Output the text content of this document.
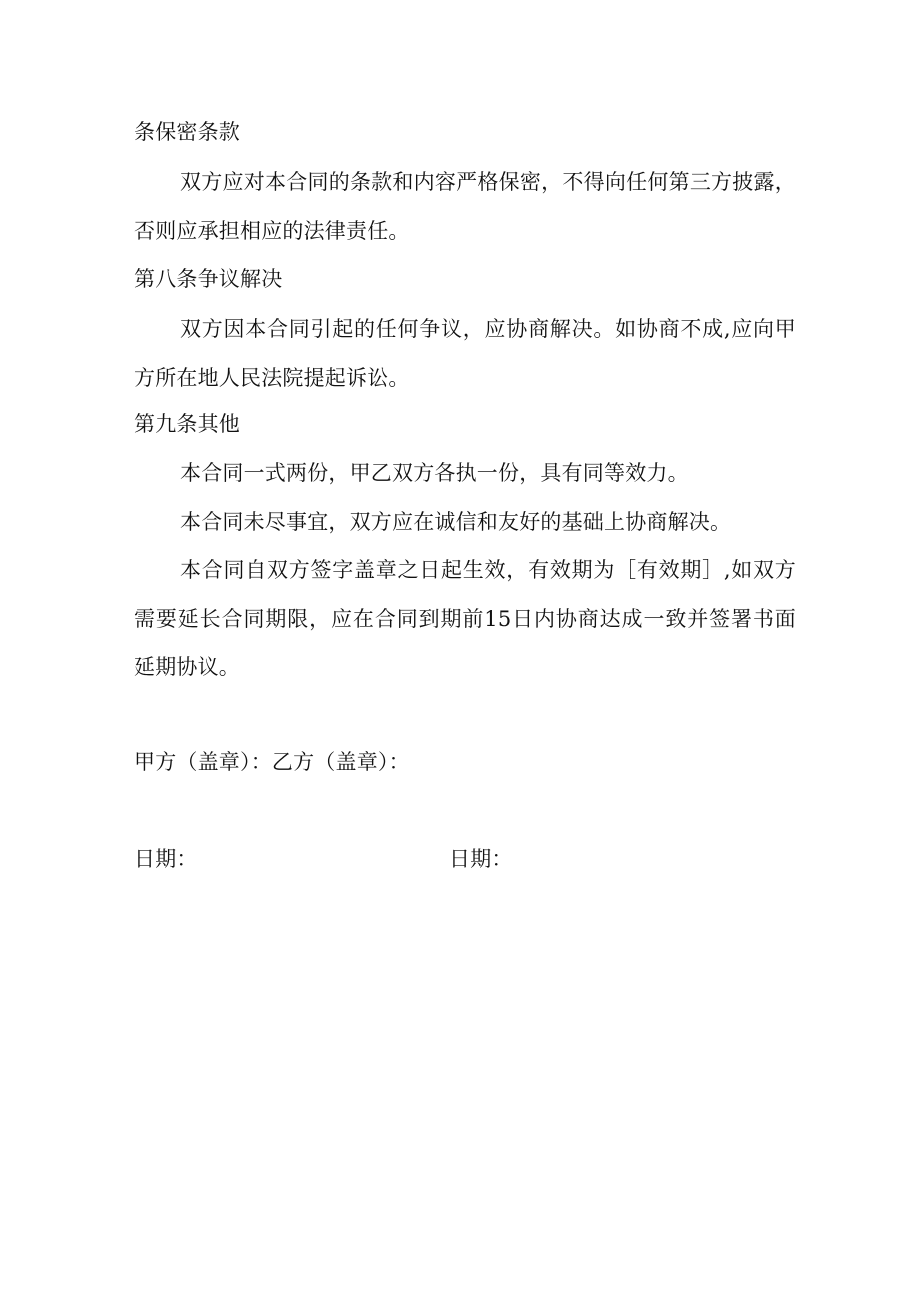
条保密条款
双方应对本合同的条款和内容严格保密，不得向任何第三方披露，
否则应承担相应的法律责任。
第八条争议解决
双方因本合同引起的任何争议，应协商解决。如协商不成,应向甲
方所在地人民法院提起诉讼。
第九条其他
本合同一式两份，甲乙双方各执一份，具有同等效力。
本合同未尽事宜，双方应在诚信和友好的基础上协商解决。
本合同自双方签字盖章之日起生效，有效期为［有效期］,如双方
需要延长合同期限，应在合同到期前15日内协商达成一致并签署书面
延期协议。
甲方（盖章）：乙方（盖章）：
日期：	日期：
